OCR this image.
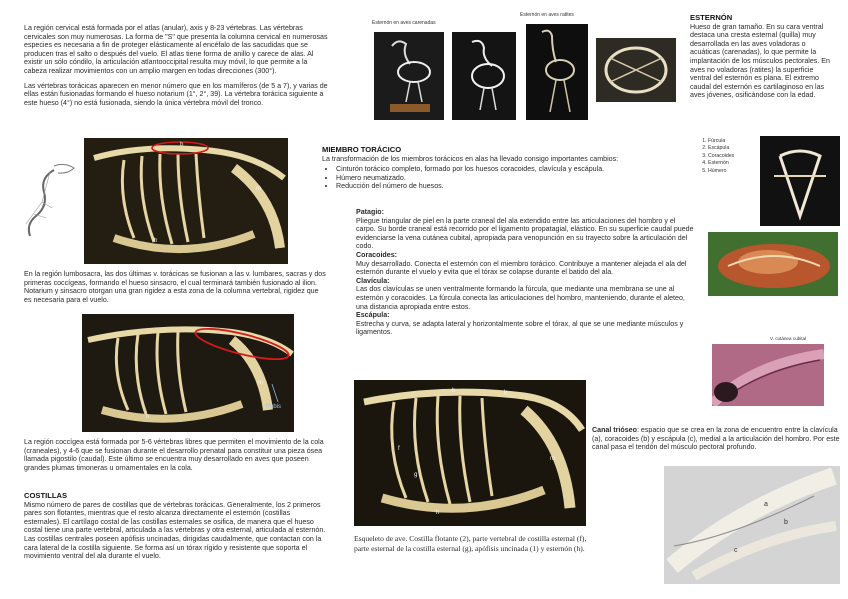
La región cervical está formada por el atlas (anular), axis y 8-23 vértebras. Las vértebras cervicales son muy numerosas. La forma de "S" que presenta la columna cervical en numerosas especies es necesaria a fin de proteger elásticamente al encéfalo de las sacudidas que se producen tras el salto o después del vuelo. El atlas tiene forma de anillo y carece de alas. Al existir un sólo cóndilo, la articulación atlantooccipital resulta muy móvil, lo que permite a la cabeza realizar movimientos con un amplio margen en todas direcciones (300°).

Las vértebras torácicas aparecen en menor número que en los mamíferos (de 5 a 7), y varias de ellas están fusionadas formando el hueso notarium (1°, 2°, 39). La vértebra torácica siguiente a este hueso (4°) no está fusionada, siendo la única vértebra móvil del tronco.

b
h
m
En la región lumbosacra, las dos últimas v. torácicas se fusionan a las v. lumbares, sacras y dos primeras coccígeas, formando el hueso sinsacro, el cual terminará también fusionado al ilion. Notarium y sinsacro otorgan una gran rigidez a esta zona de la columna vertebral, rigidez que es necesaria para el vuelo.
h
m
Pubis
La región coccígea está formada por 5-6 vértebras libres que permiten el movimiento de la cola (craneales), y 4-6 que se fusionan durante el desarrollo prenatal para constituir una pieza ósea llamada pigostilo (caudal). Este último se encuentra muy desarrollado en aves que poseen grandes plumas timoneras u ornamentales en la cola.

COSTILLAS

Mismo número de pares de costillas que de vértebras torácicas. Generalmente, los 2 primeros pares son flotantes, mientras que el resto alcanza directamente el esternón (costillas esternales). El cartílago costal de las costillas esternales se osifica, de manera que el hueso costal tiene una parte vertebral, articulada a las vértebras y otra esternal, articulada al esternón. Las costillas centrales poseen apófisis uncinadas, dirigidas caudalmente, que contactan con la cara lateral de la costilla siguiente. Se forma así un tórax rígido y resistente que soporta el movimiento ventral del ala durante el vuelo.

Esternón en aves carenadas
Esternón en aves ratites

MIEMBRO TORÁCICO

La transformación de los miembros torácicos en alas ha llevado consigo importantes cambios:

• Cinturón torácico completo, formado por los huesos coracoides, clavícula y escápula.
• Húmero neumatizado.
• Reducción del número de huesos.

Patagio:

Pliegue triangular de piel en la parte craneal del ala extendido entre las articulaciones del hombro y el carpo. Su borde craneal está recorrido por el ligamento propatagial, elástico. En su superficie caudal puede evidenciarse la vena cutánea cubital, apropiada para venopunción en su trayecto sobre la articulación del codo.

Coracoides:

Muy desarrollado. Conecta el esternón con el miembro torácico. Contribuye a mantener alejada el ala del esternón durante el vuelo y evita que el tórax se colapse durante el batido del ala.

Clavícula:

Las dos clavículas se unen ventralmente formando la fúrcula, que mediante una membrana se une al esternón y coracoides. La fúrcula conecta las articulaciones del hombro, manteniendo, durante el aleteo, una distancia apropiada entre estos.

Escápula:

Estrecha y curva, se adapta lateral y horizontalmente sobre el tórax, al que se une mediante músculos y ligamentos.

b	b
f
g
h
m
Esqueleto de ave. Costilla flotante (2), parte vertebral de costilla esternal (f), parte esternal de la costilla esternal (g), apófisis uncinada (1) y esternón (h).

ESTERNÓN

Hueso de gran tamaño. En su cara ventral destaca una cresta esternal (quilla) muy desarrollada en las aves voladoras o acuáticas (carenadas), lo que permite la implantación de los músculos pectorales. En aves no voladoras (ratites) la superficie ventral del esternón es plana. El extremo caudal del esternón es cartilaginoso en las aves jóvenes, osificándose con la edad.

1. Fúrcula
2. Escápula
3. Coracoides
4. Esternón
5. Húmero
V. cutánea cubital

Canal trióseo: espacio que se crea en la zona de encuentro entre la clavícula (a), coracoides (b) y escápula (c), medial a la articulación del hombro. Por este canal pasa el tendón del músculo pectoral profundo.

a
b
c
